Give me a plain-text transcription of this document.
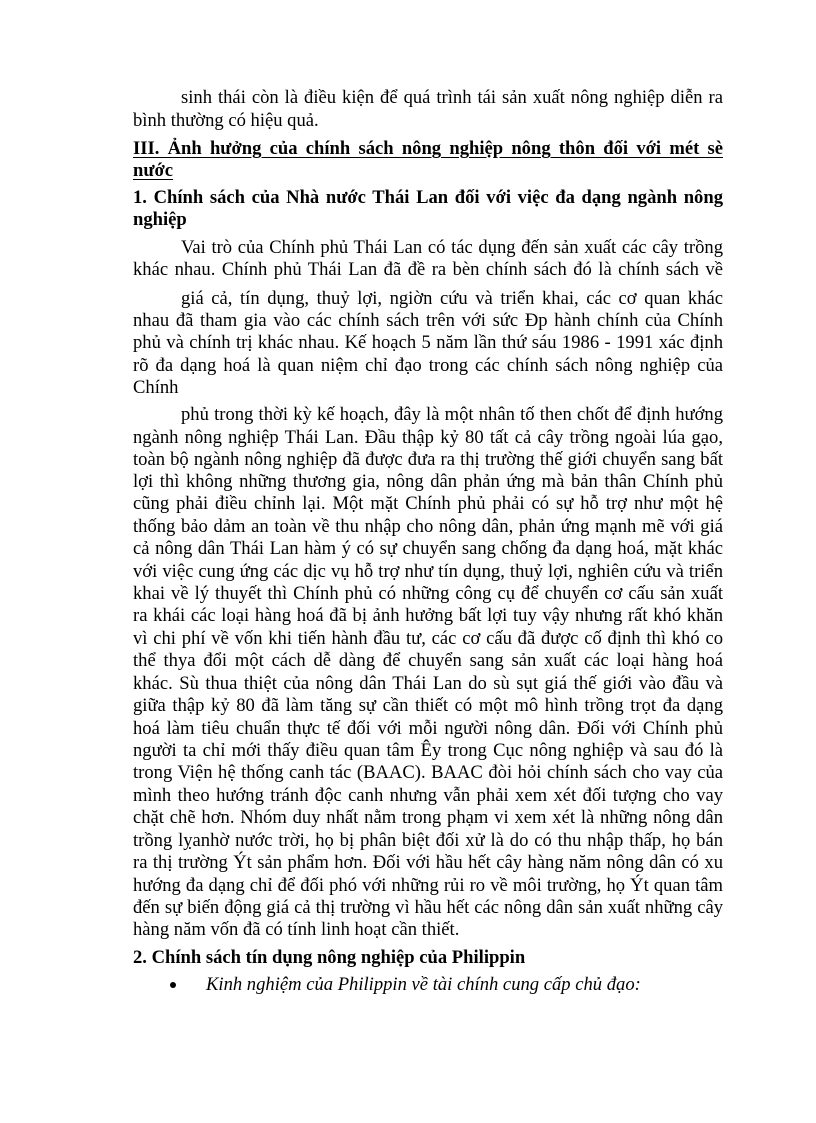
sinh thái còn là điều kiện để quá trình tái sản xuất nông nghiệp diễn ra
bình thường có hiệu quả.
III. Ảnh hưởng của chính sách nông nghiệp nông thôn đối với mét sè
nước
1. Chính sách của Nhà nước Thái Lan đối với việc đa dạng ngành nông
nghiệp
Vai trò của Chính phủ Thái Lan có tác dụng đến sản xuất các cây trồng
khác nhau. Chính phủ Thái Lan đã đề ra bèn chính sách đó là chính sách về
giá cả, tín dụng, thuỷ lợi, ngiờn cứu và triển khai, các cơ quan khác
nhau đã tham gia vào các chính sách trên với sức Đp hành chính của Chính
phủ và chính trị khác nhau. Kế hoạch 5 năm lần thứ sáu 1986 - 1991 xác định
rõ đa dạng hoá là quan niệm chỉ đạo trong các chính sách nông nghiệp của
Chính
phủ trong thời kỳ kế hoạch, đây là một nhân tố then chốt để định hướng
ngành nông nghiệp Thái Lan. Đầu thập kỷ 80 tất cả cây trồng ngoài lúa gạo,
toàn bộ ngành nông nghiệp đã được đưa ra thị trường thế giới chuyển sang bất
lợi thì không những thương gia, nông dân phản ứng mà bản thân Chính phủ
cũng phải điều chỉnh lại. Một mặt Chính phủ phải có sự hỗ trợ như một hệ
thống bảo dảm an toàn về thu nhập cho nông dân, phản ứng mạnh mẽ với giá
cả nông dân Thái Lan hàm ý có sự chuyển sang chống đa dạng hoá, mặt khác
với việc cung ứng các dịc vụ hỗ trợ như tín dụng, thuỷ lợi, nghiên cứu và triển
khai về lý thuyết thì Chính phủ có những công cụ để chuyển cơ cấu sản xuất
ra khái các loại hàng hoá đã bị ảnh hưởng bất lợi tuy vậy nhưng rất khó khăn
vì chi phí về vốn khi tiến hành đầu tư, các cơ cấu đã được cố định thì khó co
thể thya đổi một cách dễ dàng để chuyển sang sản xuất các loại hàng hoá
khác. Sù thua thiệt của nông dân Thái Lan do sù sụt giá thế giới vào đầu và
giữa thập kỷ 80 đã làm tăng sự cần thiết có một mô hình trồng trọt đa dạng
hoá làm tiêu chuẩn thực tế đối với mỗi người nông dân. Đối với Chính phủ
người ta chỉ mới thấy điều quan tâm Êy trong Cục nông nghiệp và sau đó là
trong Viện hệ thống canh tác (BAAC). BAAC đòi hỏi chính sách cho vay của
mình theo hướng tránh độc canh nhưng vẫn phải xem xét đối tượng cho vay
chặt chẽ hơn. Nhóm duy nhất nằm trong phạm vi xem xét là những nông dân
trồng lỵanhờ nước trời, họ bị phân biệt đối xử là do có thu nhập thấp, họ bán
ra thị trường Ýt sản phẩm hơn. Đối với hầu hết cây hàng năm nông dân có xu
hướng đa dạng chỉ để đối phó với những rủi ro về môi trường, họ Ýt quan tâm
đến sự biến động giá cả thị trường vì hầu hết các nông dân sản xuất những cây
hàng năm vốn đã có tính linh hoạt cần thiết.
2. Chính sách tín dụng nông nghiệp của Philippin
Kinh nghiệm của Philippin về tài chính cung cấp chủ đạo:
